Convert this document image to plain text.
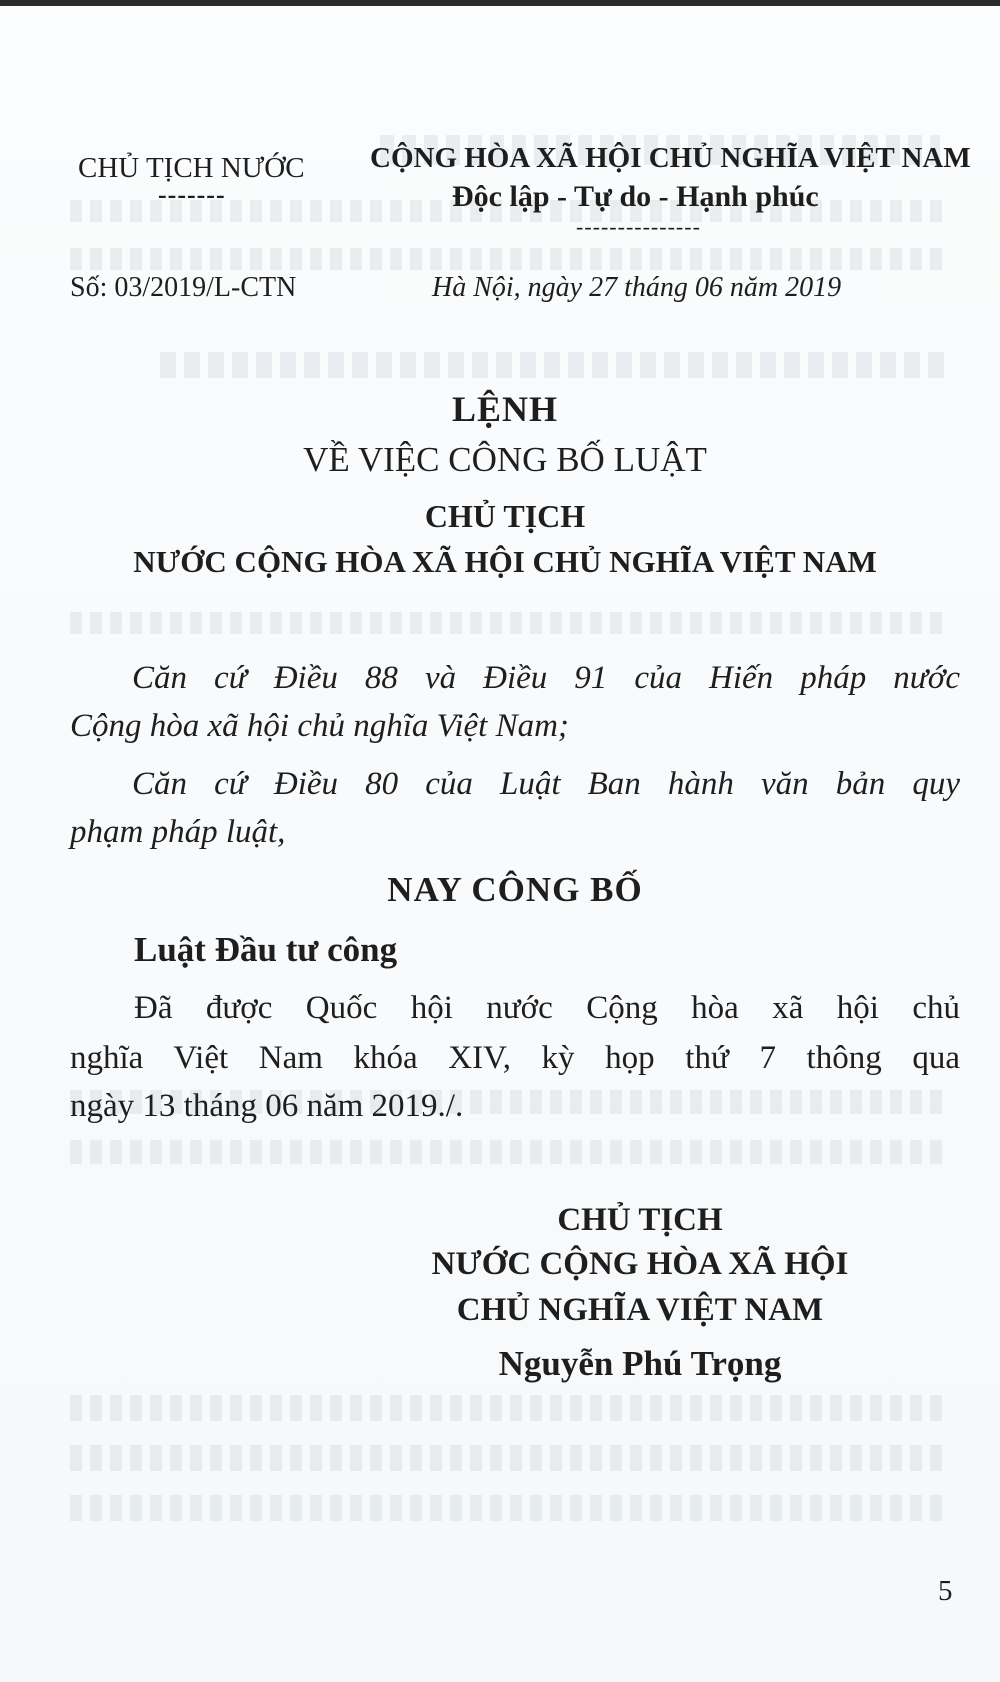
CHỦ TỊCH NƯỚC
-------
CỘNG HÒA XÃ HỘI CHỦ NGHĨA VIỆT NAM
Độc lập - Tự do - Hạnh phúc
---------------
Số: 03/2019/L-CTN	Hà Nội, ngày 27 tháng 06 năm 2019
LỆNH
VỀ VIỆC CÔNG BỐ LUẬT
CHỦ TỊCH
NƯỚC CỘNG HÒA XÃ HỘI CHỦ NGHĨA VIỆT NAM
Căn cứ Điều 88 và Điều 91 của Hiến pháp nước
Cộng hòa xã hội chủ nghĩa Việt Nam;
Căn cứ Điều 80 của Luật Ban hành văn bản quy
phạm pháp luật,
NAY CÔNG BỐ
Luật Đầu tư công
Đã được Quốc hội nước Cộng hòa xã hội chủ
nghĩa Việt Nam khóa XIV, kỳ họp thứ 7 thông qua
ngày 13 tháng 06 năm 2019./.
CHỦ TỊCH
NƯỚC CỘNG HÒA XÃ HỘI
CHỦ NGHĨA VIỆT NAM
Nguyễn Phú Trọng
5
